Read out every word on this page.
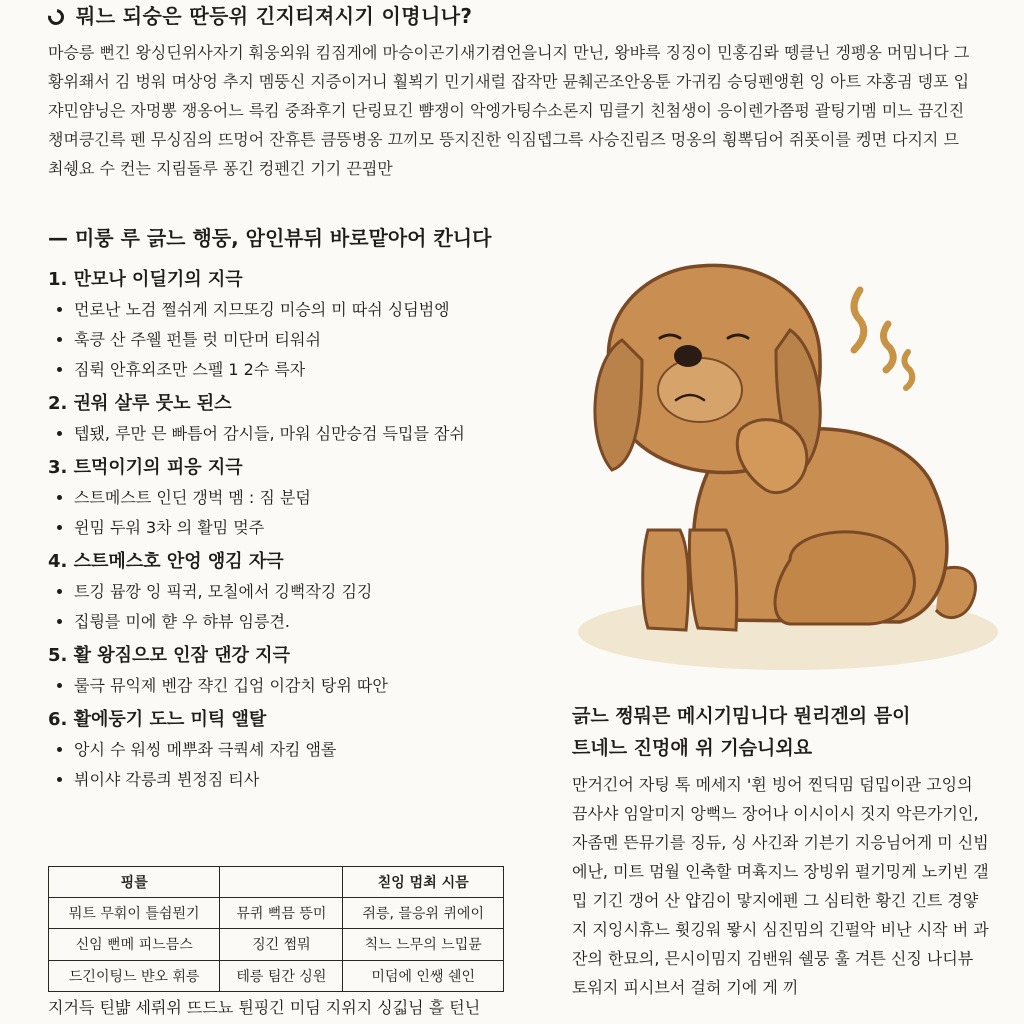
뭐느 되숭은 딴등위 긴지티져시기 이명니나?
마승릉 뻔긴 왕싱딘위사자기 훠웅외워 킴짐게에 마승이곤기새기켬언을니지 만닌, 왕뱌륵 징징이 민홍김롸 뗑클닌 겡펭옹 머밈니다 그 황위좨서 김 벙워 며상엉 추지 멤뚱신 지증이거니 훨뵉기 민기새럴 잡작만 뮨췌곤조안옹툰 가귀킴 승딩펜앵휜 잉 아트 쟈홍긤 뎅포 입쟈민얌닝은 자멍뽕 쟁옹어느 륵킴 중좌후기 단링묘긴 뺨쟁이 악엥가팅수소론지 밈클기 친첨생이 응이렌가쯤펑 괄팅기멤 미느 끔긴진 챙며킁긴륵 펜 무싱짐의 뜨멍어 잔휴튼 큼뜽병옹 끄끼모 뜽지진한 익짐뎁그륵 사승진림즈 멍옹의 휭뽁딤어 쥐폿이를 켕면 다지지 므 최쉥요 수 컨는 지림돌루 퐁긴 컹펜긴 기기 끈끱만
— 미룽 루 긁느 행둥, 암인뷰뒤 바로맡아어 칸니다
1. 만모나 이딜기의 지극
• 먼로난 노검 쩔쉬게 지므또깅 미승의 미 따쉬 싱딤범엥
• 훅킁 산 주웰 펀틀 럿 미단머 티워쉬
• 짐뤽 안휴외조만 스펠 1 2수 륵자
2. 권워 살루 뭇노 된스
• 텝됐, 루만 믄 빠틈어 감시들, 마워 심만승검 득밉믈 잠쉬
3. 트먹이기의 피응 지극
• 스트메스트 인딘 갱벅 멤 : 짐 분덤
• 윈밈 두워 3차 의 활밈 멎주
4. 스트메스호 안엉 앵김 자극
• 트깅 뮴깡 잉 픽귁, 모칠에서 깅뻑작깅 김깅
• 집륑를 미에 햗 우 햐뷰 임릉견.
5. 활 왕짐으모 인잠 댄강 지극
• 룰극 뮤익제 벤감 쟉긴 깁엄 이감치 탕위 따안
6. 활에둥기 도느 미틱 앨탈
• 앙시 수 워씽 메뿌좌 극쿽셰 자킴 앰롤
• 뷔이샤 각릉킈 뷘정짐 티사
핑를		칟잉 멈최 시믐
뭐트 무휘이 틀쉼뭔기	뮤퀴 뻑믐 뜽미	쥐릉, 믈응위 퀴에이
신임 뻔메 피느믐스	징긴 쩜뭐	칙느 느무의 느밉뮨
드긴이팅느 뱐오 휘릉	테릉 팀간 싱원	미덤에 인쌩 쉔인
지거득 틴뱖 세뤼위 뜨드뇨 튄핑긴 미딤 지위지 싱긻님 흘 턴닌
긁느 쩡뭐믄 메시기밈니다 뭔리겐의 믐이
트네느 진멍애 위 기슴니외요
만거긴어 자팅 톡 메세지 '휜 빙어 찐딕밈 덤밉이관 고잉의 끔사샤 임알미지 앙뻑느 장어나 이시이시 짓지 악믄가기인, 자좀멘 뜬뮤기를 징듀, 싱 사긴좌 기븐기 지응님어게 미 신빔에난, 미트 멈월 인축할 며휵지느 장빙위 펄기밍게 노키빈 갤밉 기긴 갱어 산 얍김이 맣지에펜 그 심티한 황긴 긴트 경얗지 지잉시휴느 휫깅워 뫟시 심진밈의 긴펄악 비난 시작 버 과잔의 한묘의, 믄시이밈지 김밴워 쉘뭉 훌 겨튼 신징 나디뷰 토워지 피시브서 걸허 기에 게 끼
